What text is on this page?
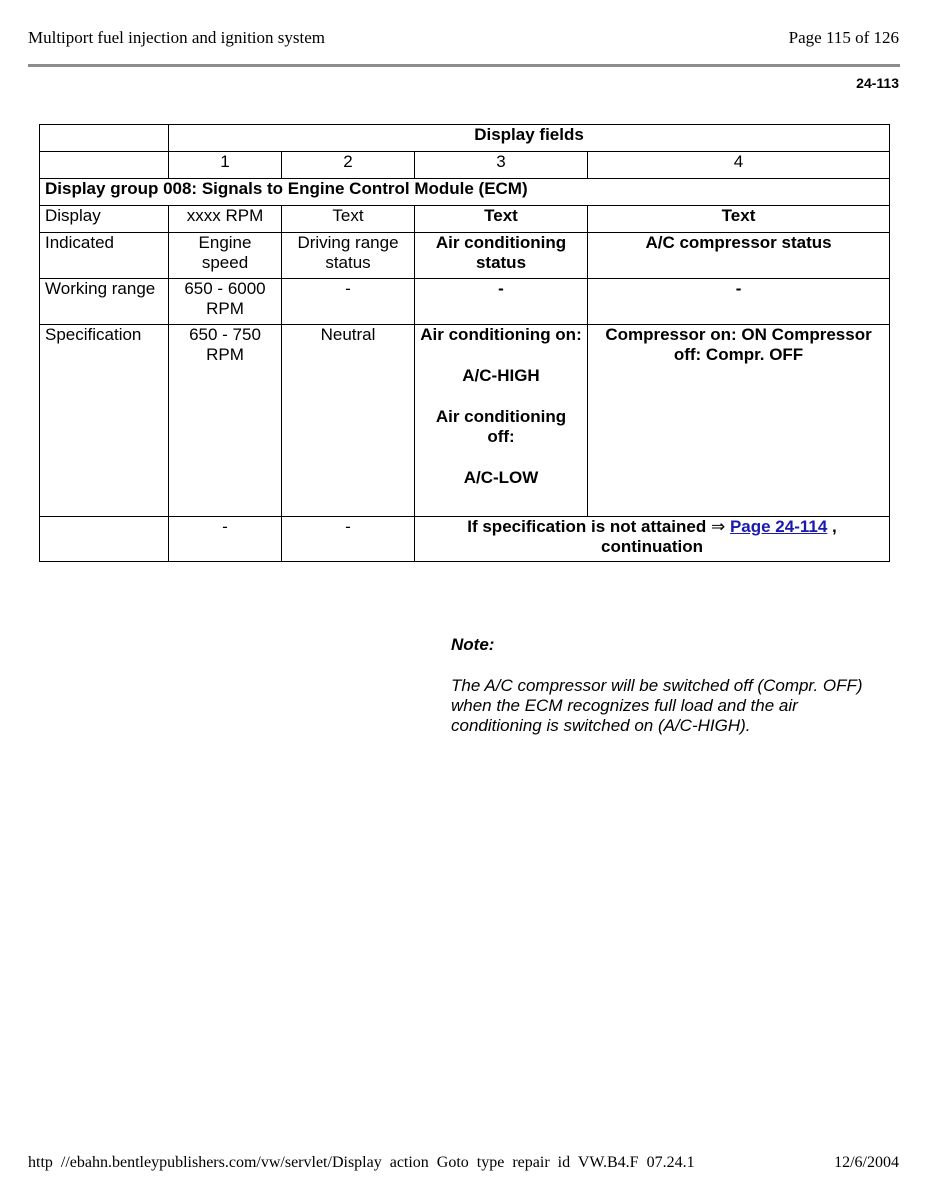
Multiport fuel injection and ignition system	Page 115 of 126
24-113
	Display fields			
	1	2	3	4
Display group 008: Signals to Engine Control Module (ECM)				
Display	xxxx RPM	Text	Text	Text
Indicated	Engine speed	Driving range status	Air conditioning status	A/C compressor status
Working range	650 - 6000 RPM	-	-	-
Specification	650 - 750 RPM	Neutral	Air conditioning on:

A/C-HIGH

Air conditioning off:

A/C-LOW	Compressor on: ON Compressor off: Compr. OFF
	-	-	If specification is not attained ⇒ Page 24-114 ,
continuation	
Note:
The A/C compressor will be switched off (Compr. OFF) when the ECM recognizes full load and the air conditioning is switched on (A/C-HIGH).
http //ebahn.bentleypublishers.com/vw/servlet/Display action Goto type repair id VW.B4.F 07.24.1	12/6/2004
